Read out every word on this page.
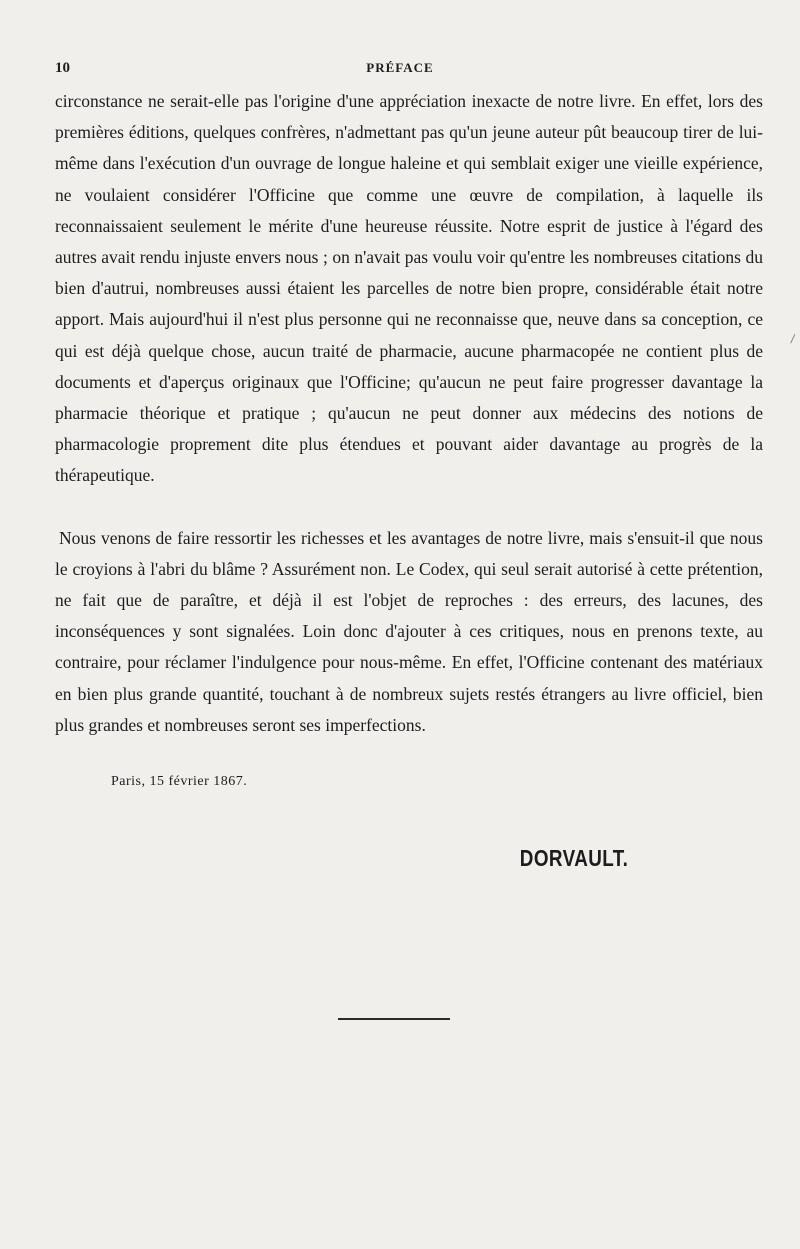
10	PRÉFACE

circonstance ne serait-elle pas l'origine d'une appréciation inexacte de notre livre. En effet, lors des premières éditions, quelques confrères, n'admettant pas qu'un jeune auteur pût beaucoup tirer de lui-même dans l'exécution d'un ouvrage de longue haleine et qui semblait exiger une vieille expérience, ne voulaient considérer l'Officine que comme une œuvre de compilation, à laquelle ils reconnaissaient seulement le mérite d'une heureuse réussite. Notre esprit de justice à l'égard des autres avait rendu injuste envers nous ; on n'avait pas voulu voir qu'entre les nombreuses citations du bien d'autrui, nombreuses aussi étaient les parcelles de notre bien propre, considérable était notre apport. Mais aujourd'hui il n'est plus personne qui ne reconnaisse que, neuve dans sa conception, ce qui est déjà quelque chose, aucun traité de pharmacie, aucune pharmacopée ne contient plus de documents et d'aperçus originaux que l'Officine; qu'aucun ne peut faire progresser davantage la pharmacie théorique et pratique ; qu'aucun ne peut donner aux médecins des notions de pharmacologie proprement dite plus étendues et pouvant aider davantage au progrès de la thérapeutique.

Nous venons de faire ressortir les richesses et les avantages de notre livre, mais s'ensuit-il que nous le croyions à l'abri du blâme ? Assurément non. Le Codex, qui seul serait autorisé à cette prétention, ne fait que de paraître, et déjà il est l'objet de reproches : des erreurs, des lacunes, des inconséquences y sont signalées. Loin donc d'ajouter à ces critiques, nous en prenons texte, au contraire, pour réclamer l'indulgence pour nous-même. En effet, l'Officine contenant des matériaux en bien plus grande quantité, touchant à de nombreux sujets restés étrangers au livre officiel, bien plus grandes et nombreuses seront ses imperfections.

Paris, 15 février 1867.
DORVAULT.
